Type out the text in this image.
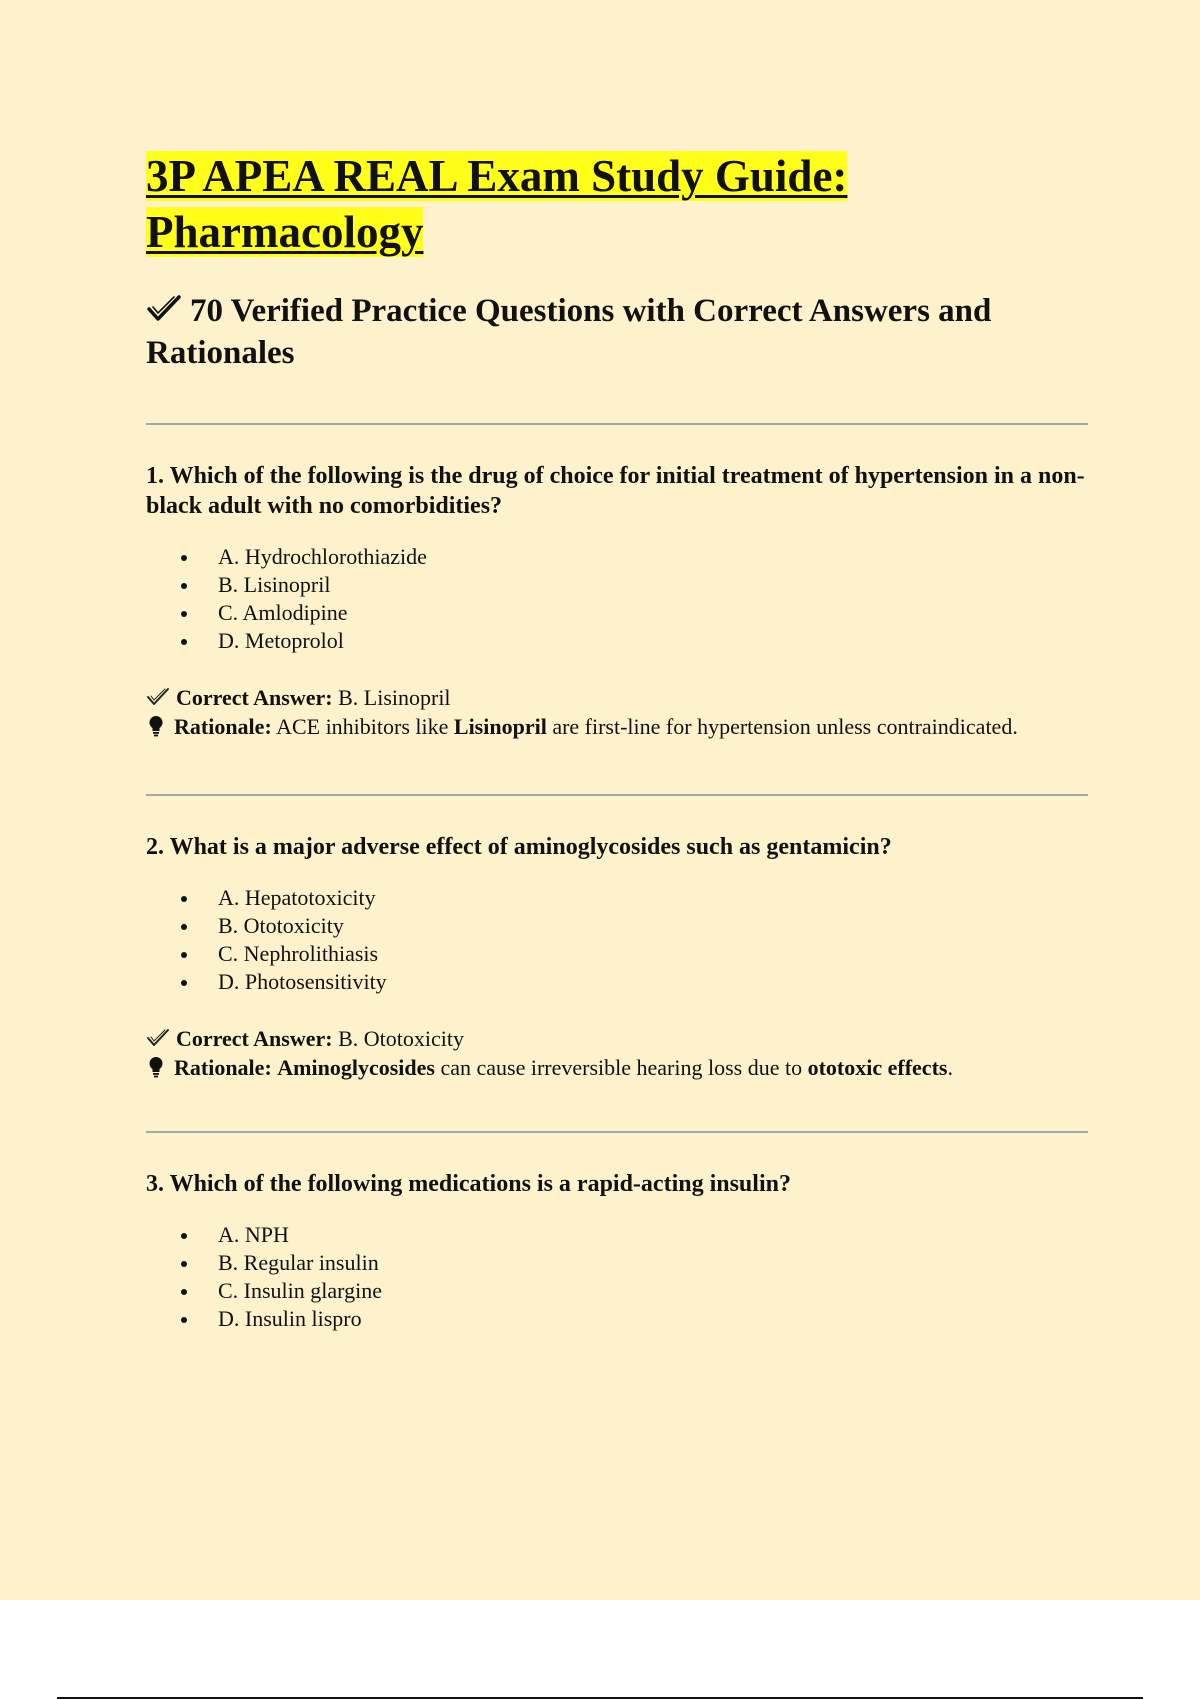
3P APEA REAL Exam Study Guide: Pharmacology
70 Verified Practice Questions with Correct Answers and Rationales

1. Which of the following is the drug of choice for initial treatment of hypertension in a non-black adult with no comorbidities?

A. Hydrochlorothiazide
B. Lisinopril
C. Amlodipine
D. Metoprolol

Correct Answer: B. Lisinopril

Rationale: ACE inhibitors like Lisinopril are first-line for hypertension unless contraindicated.

2. What is a major adverse effect of aminoglycosides such as gentamicin?

A. Hepatotoxicity
B. Ototoxicity
C. Nephrolithiasis
D. Photosensitivity

Correct Answer: B. Ototoxicity

Rationale: Aminoglycosides can cause irreversible hearing loss due to ototoxic effects.

3. Which of the following medications is a rapid-acting insulin?

A. NPH
B. Regular insulin
C. Insulin glargine
D. Insulin lispro
